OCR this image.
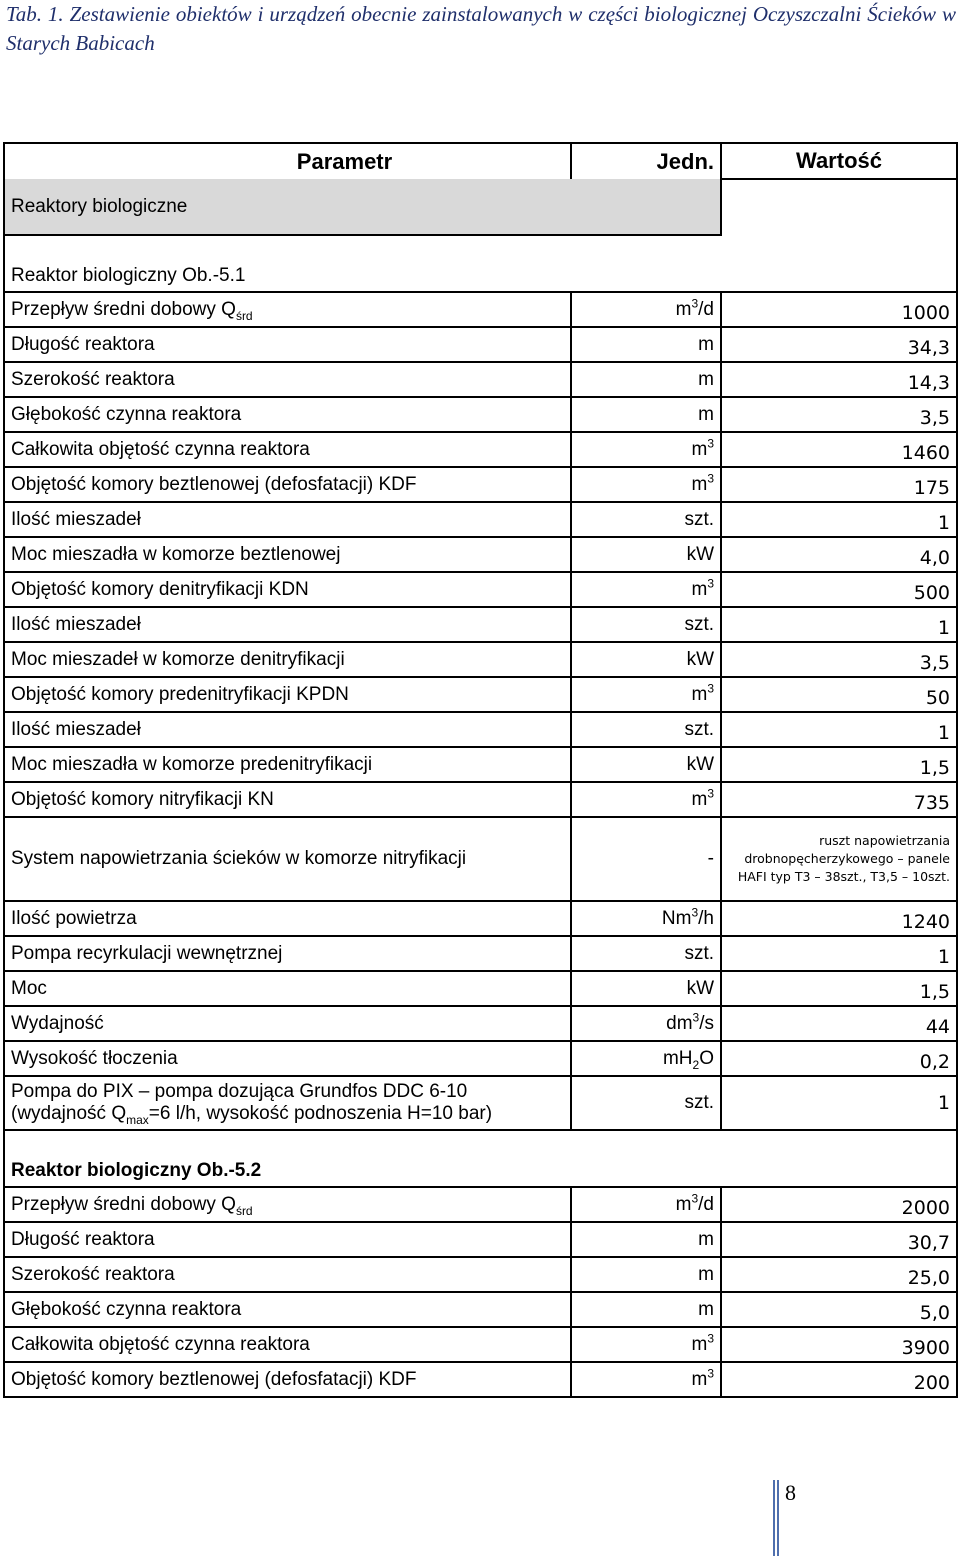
Tab. 1. Zestawienie obiektów i urządzeń obecnie zainstalowanych w części biologicznej Oczyszczalni Ścieków w Starych Babicach
Parametr	Jedn.	Wartość
Reaktory biologiczne		
Reaktor biologiczny Ob.-5.1		
Przepływ średni dobowy $Q_{śrd}$	$m^3/d$	1000
Długość reaktora	m	34,3
Szerokość reaktora	m	14,3
Głębokość czynna reaktora	m	3,5
Całkowita objętość czynna reaktora	$m^3$	1460
Objętość komory beztlenowej (defosfatacji) KDF	$m^3$	175
Ilość mieszadeł	szt.	1
Moc mieszadła w komorze beztlenowej	kW	4,0
Objętość komory denitryfikacji KDN	$m^3$	500
Ilość mieszadeł	szt.	1
Moc mieszadeł w komorze denitryfikacji	kW	3,5
Objętość komory predenitryfikacji KPDN	$m^3$	50
Ilość mieszadeł	szt.	1
Moc mieszadła w komorze predenitryfikacji	kW	1,5
Objętość komory nitryfikacji KN	$m^3$	735
System napowietrzania ścieków w komorze nitryfikacji	-	ruszt napowietrzania drobnopęcherzykowego – panele HAFI typ T3 – 38szt., T3,5 – 10szt.
Ilość powietrza	Nm$^3$/h	1240
Pompa recyrkulacji wewnętrznej	szt.	1
Moc	kW	1,5
Wydajność	$dm^3/s$	44
Wysokość tłoczenia	$mH_2O$	0,2
Pompa do PIX – pompa dozująca Grundfos DDC 6-10
(wydajność $Q_{max}=6$ l/h, wysokość podnoszenia H=10 bar)	szt.	1
Reaktor biologiczny Ob.-5.2		
Przepływ średni dobowy $Q_{śrd}$	$m^3/d$	2000
Długość reaktora	m	30,7
Szerokość reaktora	m	25,0
Głębokość czynna reaktora	m	5,0
Całkowita objętość czynna reaktora	$m^3$	3900
Objętość komory beztlenowej (defosfatacji) KDF	$m^3$	200
8
